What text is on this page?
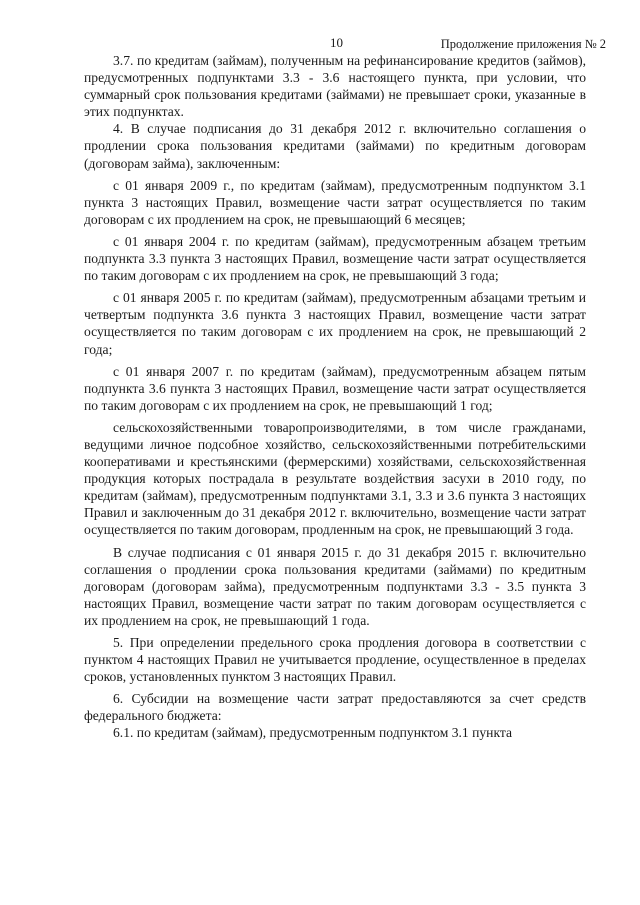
10	Продолжение приложения № 2

3.7. по кредитам (займам), полученным на рефинансирование кредитов (займов), предусмотренных подпунктами 3.3 - 3.6 настоящего пункта, при условии, что суммарный срок пользования кредитами (займами) не превышает сроки, указанные в этих подпунктах.

4. В случае подписания до 31 декабря 2012 г. включительно соглашения о продлении срока пользования кредитами (займами) по кредитным договорам (договорам займа), заключенным:

с 01 января 2009 г., по кредитам (займам), предусмотренным подпунктом 3.1 пункта 3 настоящих Правил, возмещение части затрат осуществляется по таким договорам с их продлением на срок, не превышающий 6 месяцев;

с 01 января 2004 г. по кредитам (займам), предусмотренным абзацем третьим подпункта 3.3 пункта 3 настоящих Правил, возмещение части затрат осуществляется по таким договорам с их продлением на срок, не превышающий 3 года;

с 01 января 2005 г. по кредитам (займам), предусмотренным абзацами третьим и четвертым подпункта 3.6 пункта 3 настоящих Правил, возмещение части затрат осуществляется по таким договорам с их продлением на срок, не превышающий 2 года;

с 01 января 2007 г. по кредитам (займам), предусмотренным абзацем пятым подпункта 3.6 пункта 3 настоящих Правил, возмещение части затрат осуществляется по таким договорам с их продлением на срок, не превышающий 1 год;

сельскохозяйственными товаропроизводителями, в том числе гражданами, ведущими личное подсобное хозяйство, сельскохозяйственными потребительскими кооперативами и крестьянскими (фермерскими) хозяйствами, сельскохозяйственная продукция которых пострадала в результате воздействия засухи в 2010 году, по кредитам (займам), предусмотренным подпунктами 3.1, 3.3 и 3.6 пункта 3 настоящих Правил и заключенным до 31 декабря 2012 г. включительно, возмещение части затрат осуществляется по таким договорам, продленным на срок, не превышающий 3 года.

В случае подписания с 01 января 2015 г. до 31 декабря 2015 г. включительно соглашения о продлении срока пользования кредитами (займами) по кредитным договорам (договорам займа), предусмотренным подпунктами 3.3 - 3.5 пункта 3 настоящих Правил, возмещение части затрат по таким договорам осуществляется с их продлением на срок, не превышающий 1 года.

5. При определении предельного срока продления договора в соответствии с пунктом 4 настоящих Правил не учитывается продление, осуществленное в пределах сроков, установленных пунктом 3 настоящих Правил.

6. Субсидии на возмещение части затрат предоставляются за счет средств федерального бюджета:

6.1. по кредитам (займам), предусмотренным подпунктом 3.1 пункта
